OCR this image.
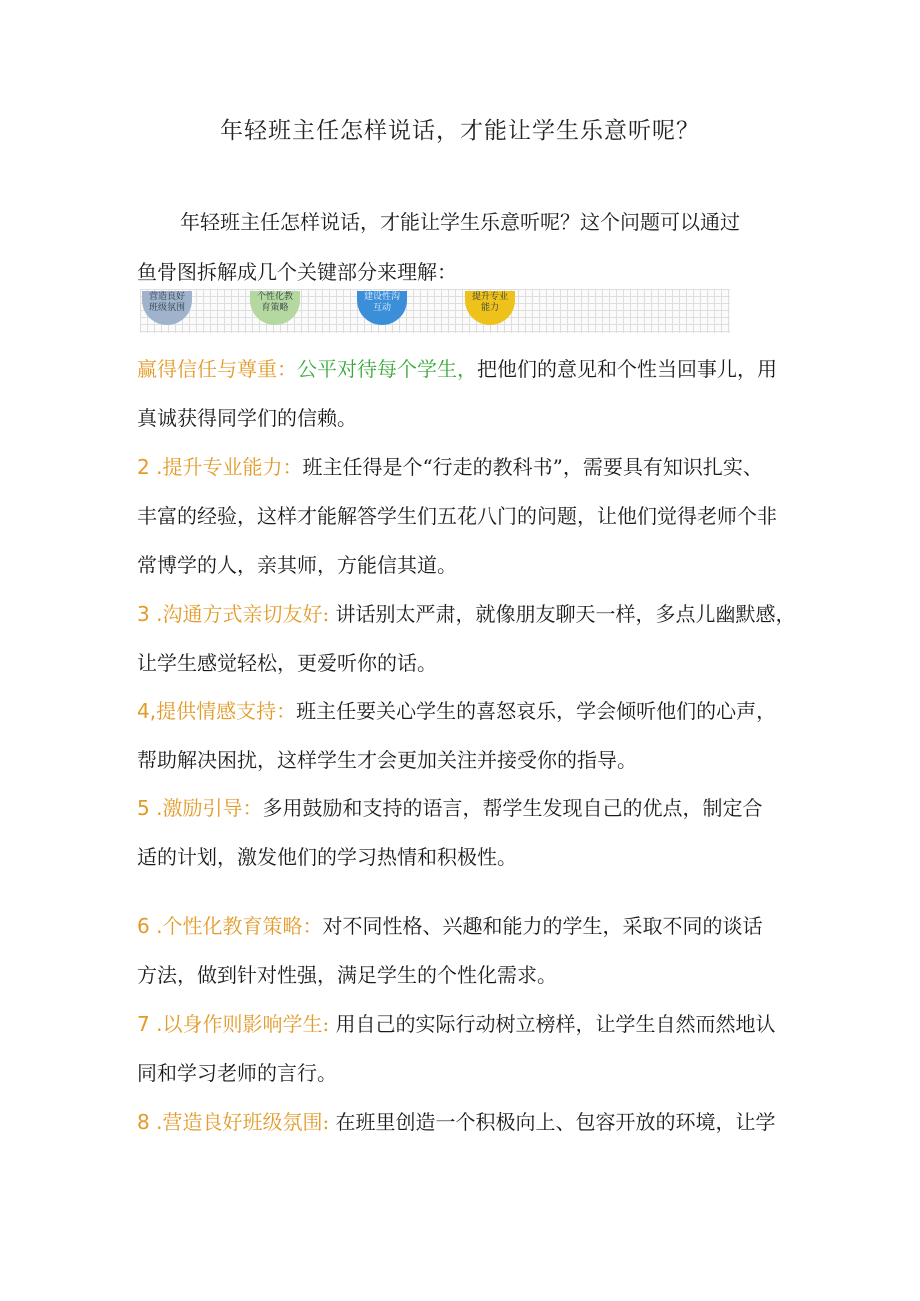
年轻班主任怎样说话，才能让学生乐意听呢？
年轻班主任怎样说话，才能让学生乐意听呢？这个问题可以通过
鱼骨图拆解成几个关键部分来理解：
营造良好
班级氛围
个性化教
育策略
建设性沟
互动
提升专业
能力
赢得信任与尊重：公平对待每个学生，把他们的意见和个性当回事儿，用
真诚获得同学们的信赖。
2 .提升专业能力：班主任得是个“行走的教科书”，需要具有知识扎实、
丰富的经验，这样才能解答学生们五花八门的问题，让他们觉得老师个非
常博学的人，亲其师，方能信其道。
3 .沟通方式亲切友好: 讲话别太严肃，就像朋友聊天一样，多点儿幽默感，
让学生感觉轻松，更爱听你的话。
4,提供情感支持：班主任要关心学生的喜怒哀乐，学会倾听他们的心声，
帮助解决困扰，这样学生才会更加关注并接受你的指导。
5 .激励引导：多用鼓励和支持的语言，帮学生发现自己的优点，制定合
适的计划，激发他们的学习热情和积极性。
6 .个性化教育策略：对不同性格、兴趣和能力的学生，采取不同的谈话
方法，做到针对性强，满足学生的个性化需求。
7 .以身作则影响学生: 用自己的实际行动树立榜样，让学生自然而然地认
同和学习老师的言行。
8 .营造良好班级氛围: 在班里创造一个积极向上、包容开放的环境，让学
